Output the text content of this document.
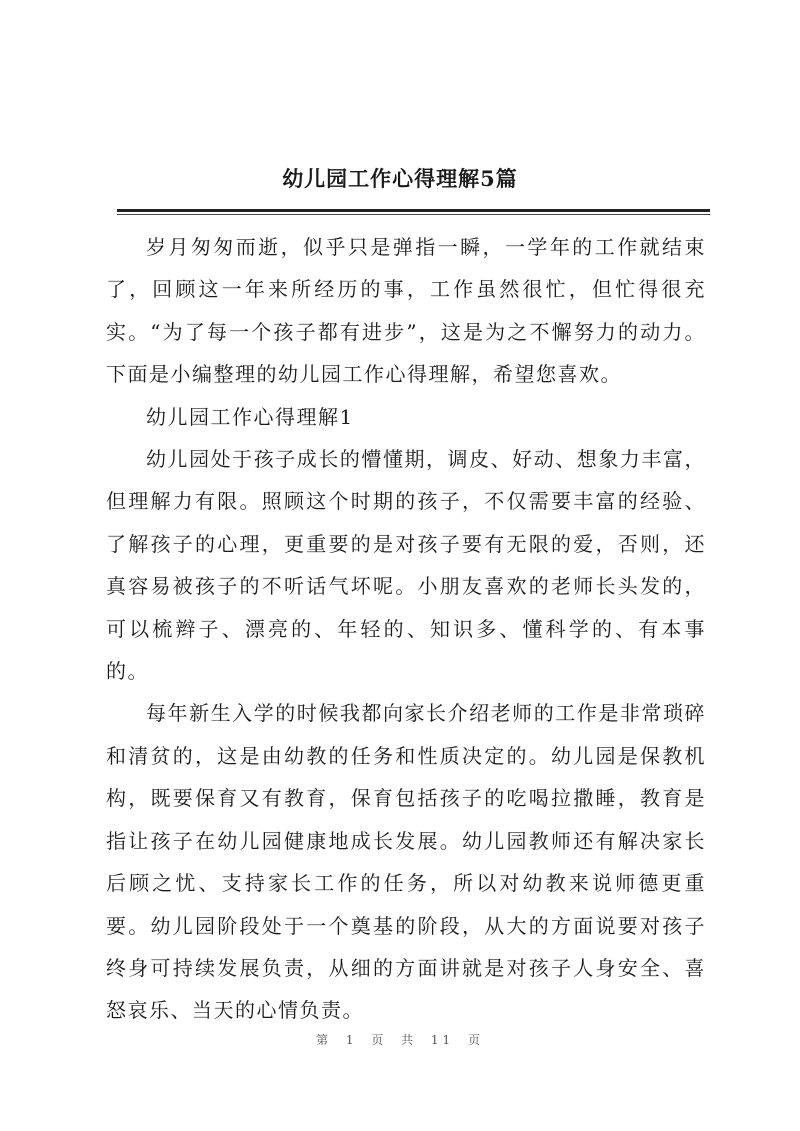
幼儿园工作心得理解5篇

岁月匆匆而逝，似乎只是弹指一瞬，一学年的工作就结束了，回顾这一年来所经历的事，工作虽然很忙，但忙得很充实。“为了每一个孩子都有进步”，这是为之不懈努力的动力。下面是小编整理的幼儿园工作心得理解，希望您喜欢。

幼儿园工作心得理解1

幼儿园处于孩子成长的懵懂期，调皮、好动、想象力丰富，但理解力有限。照顾这个时期的孩子，不仅需要丰富的经验、了解孩子的心理，更重要的是对孩子要有无限的爱，否则，还真容易被孩子的不听话气坏呢。小朋友喜欢的老师长头发的，可以梳辫子、漂亮的、年轻的、知识多、懂科学的、有本事的。

每年新生入学的时候我都向家长介绍老师的工作是非常琐碎和清贫的，这是由幼教的任务和性质决定的。幼儿园是保教机构，既要保育又有教育，保育包括孩子的吃喝拉撒睡，教育是指让孩子在幼儿园健康地成长发展。幼儿园教师还有解决家长后顾之忧、支持家长工作的任务，所以对幼教来说师德更重要。幼儿园阶段处于一个奠基的阶段，从大的方面说要对孩子终身可持续发展负责，从细的方面讲就是对孩子人身安全、喜怒哀乐、当天的心情负责。

第 1 页 共 11 页
